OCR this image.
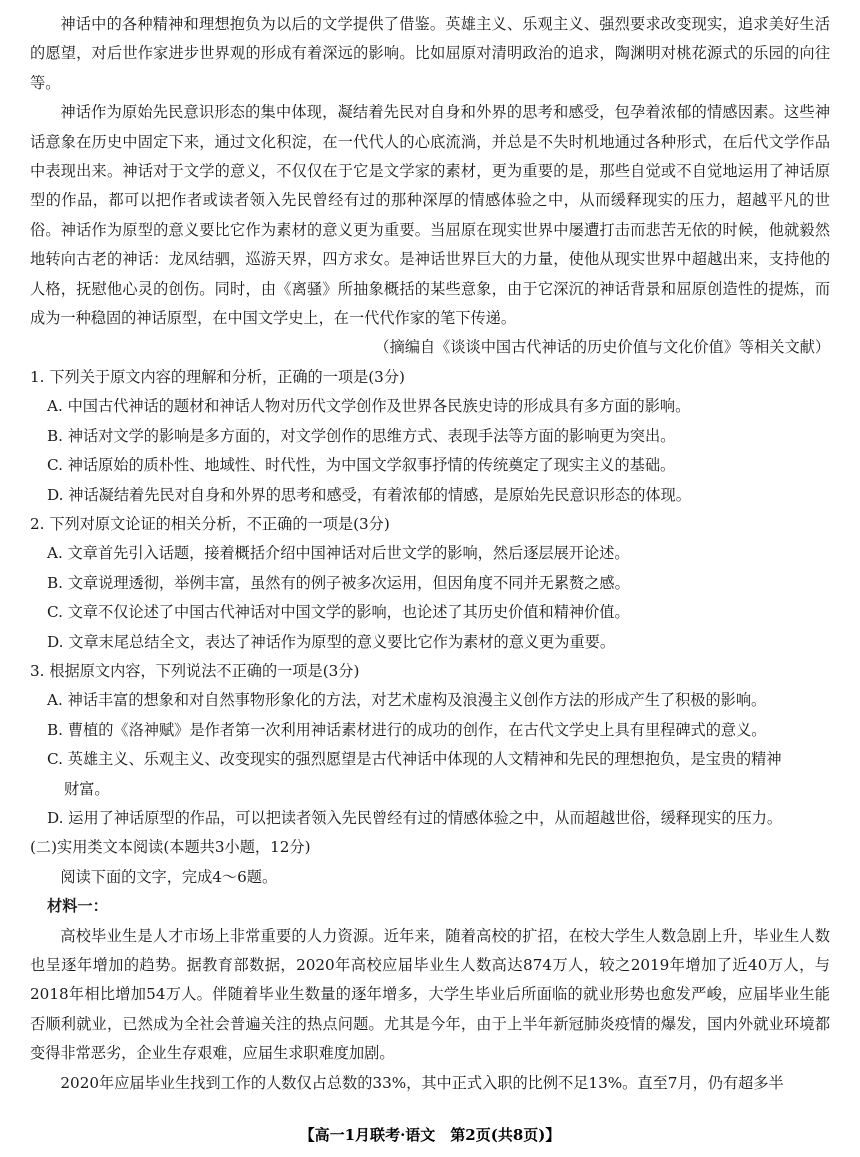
神话中的各种精神和理想抱负为以后的文学提供了借鉴。英雄主义、乐观主义、强烈要求改变现实，追求美好生活的愿望，对后世作家进步世界观的形成有着深远的影响。比如屈原对清明政治的追求，陶渊明对桃花源式的乐园的向往等。

神话作为原始先民意识形态的集中体现，凝结着先民对自身和外界的思考和感受，包孕着浓郁的情感因素。这些神话意象在历史中固定下来，通过文化积淀，在一代代人的心底流淌，并总是不失时机地通过各种形式，在后代文学作品中表现出来。神话对于文学的意义，不仅仅在于它是文学家的素材，更为重要的是，那些自觉或不自觉地运用了神话原型的作品，都可以把作者或读者领入先民曾经有过的那种深厚的情感体验之中，从而缓释现实的压力，超越平凡的世俗。神话作为原型的意义要比它作为素材的意义更为重要。当屈原在现实世界中屡遭打击而悲苦无依的时候，他就毅然地转向古老的神话：龙凤结驷，巡游天界，四方求女。是神话世界巨大的力量，使他从现实世界中超越出来，支持他的人格，抚慰他心灵的创伤。同时，由《离骚》所抽象概括的某些意象，由于它深沉的神话背景和屈原创造性的提炼，而成为一种稳固的神话原型，在中国文学史上，在一代代作家的笔下传递。

（摘编自《谈谈中国古代神话的历史价值与文化价值》等相关文献）

1. 下列关于原文内容的理解和分析，正确的一项是(3分)

A. 中国古代神话的题材和神话人物对历代文学创作及世界各民族史诗的形成具有多方面的影响。

B. 神话对文学的影响是多方面的，对文学创作的思维方式、表现手法等方面的影响更为突出。

C. 神话原始的质朴性、地域性、时代性，为中国文学叙事抒情的传统奠定了现实主义的基础。

D. 神话凝结着先民对自身和外界的思考和感受，有着浓郁的情感，是原始先民意识形态的体现。

2. 下列对原文论证的相关分析，不正确的一项是(3分)

A. 文章首先引入话题，接着概括介绍中国神话对后世文学的影响，然后逐层展开论述。

B. 文章说理透彻，举例丰富，虽然有的例子被多次运用，但因角度不同并无累赘之感。

C. 文章不仅论述了中国古代神话对中国文学的影响，也论述了其历史价值和精神价值。

D. 文章末尾总结全文，表达了神话作为原型的意义要比它作为素材的意义更为重要。

3. 根据原文内容，下列说法不正确的一项是(3分)

A. 神话丰富的想象和对自然事物形象化的方法，对艺术虚构及浪漫主义创作方法的形成产生了积极的影响。

B. 曹植的《洛神赋》是作者第一次利用神话素材进行的成功的创作，在古代文学史上具有里程碑式的意义。

C. 英雄主义、乐观主义、改变现实的强烈愿望是古代神话中体现的人文精神和先民的理想抱负，是宝贵的精神
财富。

D. 运用了神话原型的作品，可以把读者领入先民曾经有过的情感体验之中，从而超越世俗，缓释现实的压力。

(二)实用类文本阅读(本题共3小题，12分)

阅读下面的文字，完成4～6题。

材料一：

高校毕业生是人才市场上非常重要的人力资源。近年来，随着高校的扩招，在校大学生人数急剧上升，毕业生人数也呈逐年增加的趋势。据教育部数据，2020年高校应届毕业生人数高达874万人，较之2019年增加了近40万人，与2018年相比增加54万人。伴随着毕业生数量的逐年增多，大学生毕业后所面临的就业形势也愈发严峻，应届毕业生能否顺利就业，已然成为全社会普遍关注的热点问题。尤其是今年，由于上半年新冠肺炎疫情的爆发，国内外就业环境都变得非常恶劣，企业生存艰难，应届生求职难度加剧。

2020年应届毕业生找到工作的人数仅占总数的33%，其中正式入职的比例不足13%。直至7月，仍有超多半

【高一1月联考·语文　第2页(共8页)】
